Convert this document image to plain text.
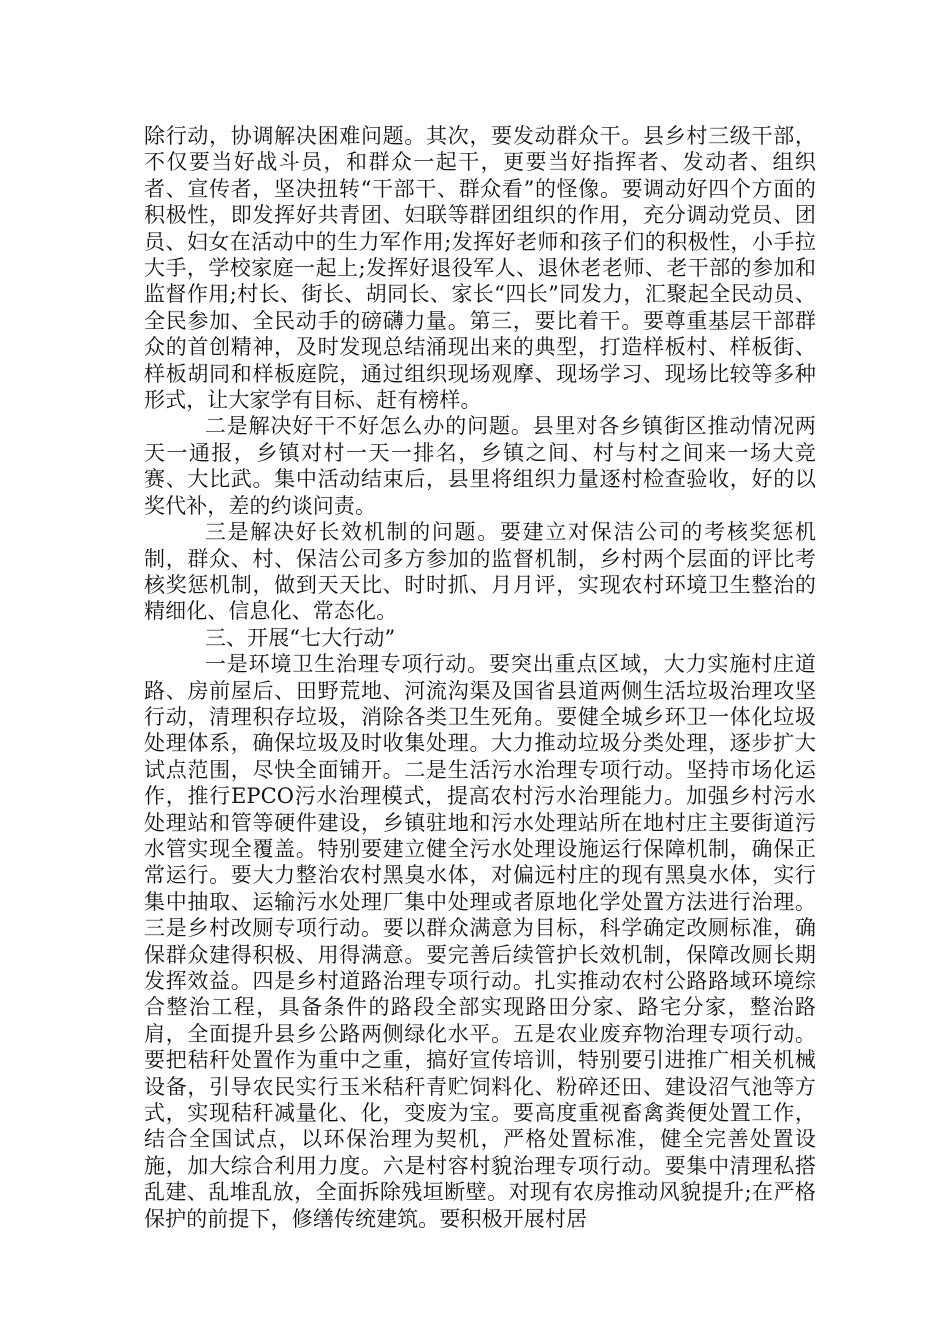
除行动，协调解决困难问题。其次，要发动群众干。县乡村三级干部，不仅要当好战斗员，和群众一起干，更要当好指挥者、发动者、组织者、宣传者，坚决扭转“干部干、群众看”的怪像。要调动好四个方面的积极性，即发挥好共青团、妇联等群团组织的作用，充分调动党员、团员、妇女在活动中的生力军作用;发挥好老师和孩子们的积极性，小手拉大手，学校家庭一起上;发挥好退役军人、退休老老师、老干部的参加和监督作用;村长、街长、胡同长、家长“四长”同发力，汇聚起全民动员、全民参加、全民动手的磅礴力量。第三，要比着干。要尊重基层干部群众的首创精神，及时发现总结涌现出来的典型，打造样板村、样板街、样板胡同和样板庭院，通过组织现场观摩、现场学习、现场比较等多种形式，让大家学有目标、赶有榜样。

二是解决好干不好怎么办的问题。县里对各乡镇街区推动情况两天一通报，乡镇对村一天一排名，乡镇之间、村与村之间来一场大竞赛、大比武。集中活动结束后，县里将组织力量逐村检查验收，好的以奖代补，差的约谈问责。

三是解决好长效机制的问题。要建立对保洁公司的考核奖惩机制，群众、村、保洁公司多方参加的监督机制，乡村两个层面的评比考核奖惩机制，做到天天比、时时抓、月月评，实现农村环境卫生整治的精细化、信息化、常态化。

三、开展“七大行动”

一是环境卫生治理专项行动。要突出重点区域，大力实施村庄道路、房前屋后、田野荒地、河流沟渠及国省县道两侧生活垃圾治理攻坚行动，清理积存垃圾，消除各类卫生死角。要健全城乡环卫一体化垃圾处理体系，确保垃圾及时收集处理。大力推动垃圾分类处理，逐步扩大试点范围，尽快全面铺开。二是生活污水治理专项行动。坚持市场化运作，推行EPCO污水治理模式，提高农村污水治理能力。加强乡村污水处理站和管等硬件建设，乡镇驻地和污水处理站所在地村庄主要街道污水管实现全覆盖。特别要建立健全污水处理设施运行保障机制，确保正常运行。要大力整治农村黑臭水体，对偏远村庄的现有黑臭水体，实行集中抽取、运输污水处理厂集中处理或者原地化学处置方法进行治理。三是乡村改厕专项行动。要以群众满意为目标，科学确定改厕标准，确保群众建得积极、用得满意。要完善后续管护长效机制，保障改厕长期发挥效益。四是乡村道路治理专项行动。扎实推动农村公路路域环境综合整治工程，具备条件的路段全部实现路田分家、路宅分家，整治路肩，全面提升县乡公路两侧绿化水平。五是农业废弃物治理专项行动。要把秸秆处置作为重中之重，搞好宣传培训，特别要引进推广相关机械设备，引导农民实行玉米秸秆青贮饲料化、粉碎还田、建设沼气池等方式，实现秸秆减量化、化，变废为宝。要高度重视畜禽粪便处置工作，结合全国试点，以环保治理为契机，严格处置标准，健全完善处置设施，加大综合利用力度。六是村容村貌治理专项行动。要集中清理私搭乱建、乱堆乱放，全面拆除残垣断壁。对现有农房推动风貌提升;在严格保护的前提下，修缮传统建筑。要积极开展村居
